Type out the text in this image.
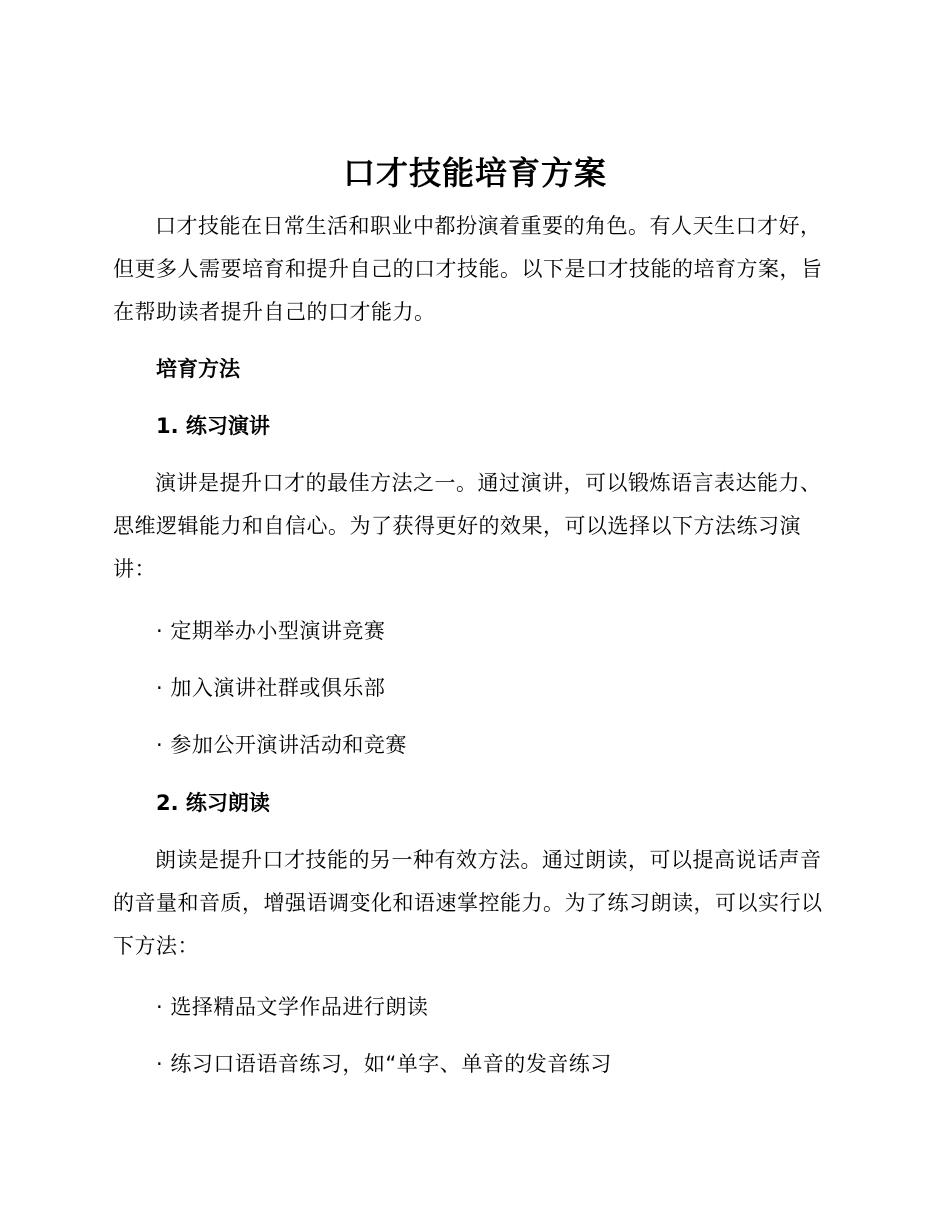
口才技能培育方案
口才技能在日常生活和职业中都扮演着重要的角色。有人天生口才好，但更多人需要培育和提升自己的口才技能。以下是口才技能的培育方案，旨在帮助读者提升自己的口才能力。
培育方法
1. 练习演讲
演讲是提升口才的最佳方法之一。通过演讲，可以锻炼语言表达能力、思维逻辑能力和自信心。为了获得更好的效果，可以选择以下方法练习演讲：
· 定期举办小型演讲竞赛
· 加入演讲社群或俱乐部
· 参加公开演讲活动和竞赛
2. 练习朗读
朗读是提升口才技能的另一种有效方法。通过朗读，可以提高说话声音的音量和音质，增强语调变化和语速掌控能力。为了练习朗读，可以实行以下方法：
· 选择精品文学作品进行朗读
· 练习口语语音练习，如“单字、单音的发音练习
